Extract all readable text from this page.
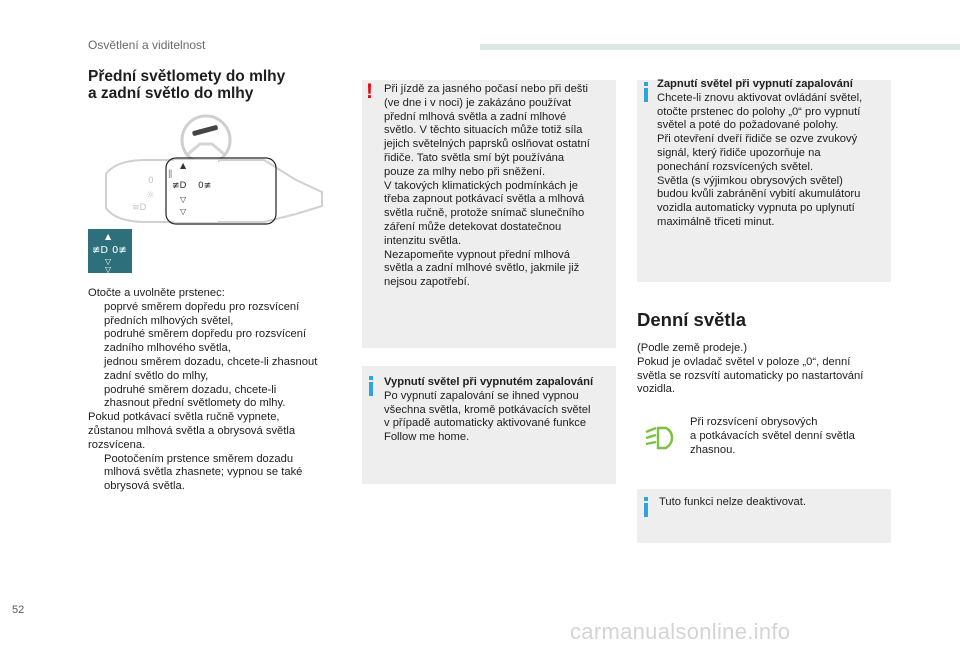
Osvětlení a viditelnost
Přední světlomety do mlhy
a zadní světlo do mlhy
0
☼
≡D
▲
≢D 0≢
▽
▽
ǁ
▲
≢D 0≢
▽
▽
Otočte a uvolněte prstenec:
poprvé směrem dopředu pro rozsvícení
předních mlhových světel,
podruhé směrem dopředu pro rozsvícení
zadního mlhového světla,
jednou směrem dozadu, chcete-li zhasnout
zadní světlo do mlhy,
podruhé směrem dozadu, chcete-li
zhasnout přední světlomety do mlhy.
Pokud potkávací světla ručně vypnete,
zůstanou mlhová světla a obrysová světla
rozsvícena.
Pootočením prstence směrem dozadu
mlhová světla zhasnete; vypnou se také
obrysová světla.
! Při jízdě za jasného počasí nebo při dešti
(ve dne i v noci) je zakázáno používat
přední mlhová světla a zadní mlhové
světlo. V těchto situacích může totiž síla
jejich světelných paprsků oslňovat ostatní
řidiče. Tato světla smí být používána
pouze za mlhy nebo při sněžení.
V takových klimatických podmínkách je
třeba zapnout potkávací světla a mlhová
světla ručně, protože snímač slunečního
záření může detekovat dostatečnou
intenzitu světla.
Nezapomeňte vypnout přední mlhová
světla a zadní mlhové světlo, jakmile již
nejsou zapotřebí.
Vypnutí světel při vypnutém zapalování
Po vypnutí zapalování se ihned vypnou
všechna světla, kromě potkávacích světel
v případě automaticky aktivované funkce
Follow me home.
Zapnutí světel při vypnutí zapalování
Chcete-li znovu aktivovat ovládání světel,
otočte prstenec do polohy „0“ pro vypnutí
světel a poté do požadované polohy.
Při otevření dveří řidiče se ozve zvukový
signál, který řidiče upozorňuje na
ponechání rozsvícených světel.
Světla (s výjimkou obrysových světel)
budou kvůli zabránění vybití akumulátoru
vozidla automaticky vypnuta po uplynutí
maximálně třiceti minut.
Denní světla
(Podle země prodeje.)
Pokud je ovladač světel v poloze „0“, denní
světla se rozsvítí automaticky po nastartování
vozidla.
Při rozsvícení obrysových
a potkávacích světel denní světla
zhasnou.
Tuto funkci nelze deaktivovat.
52
carmanualsonline.info
